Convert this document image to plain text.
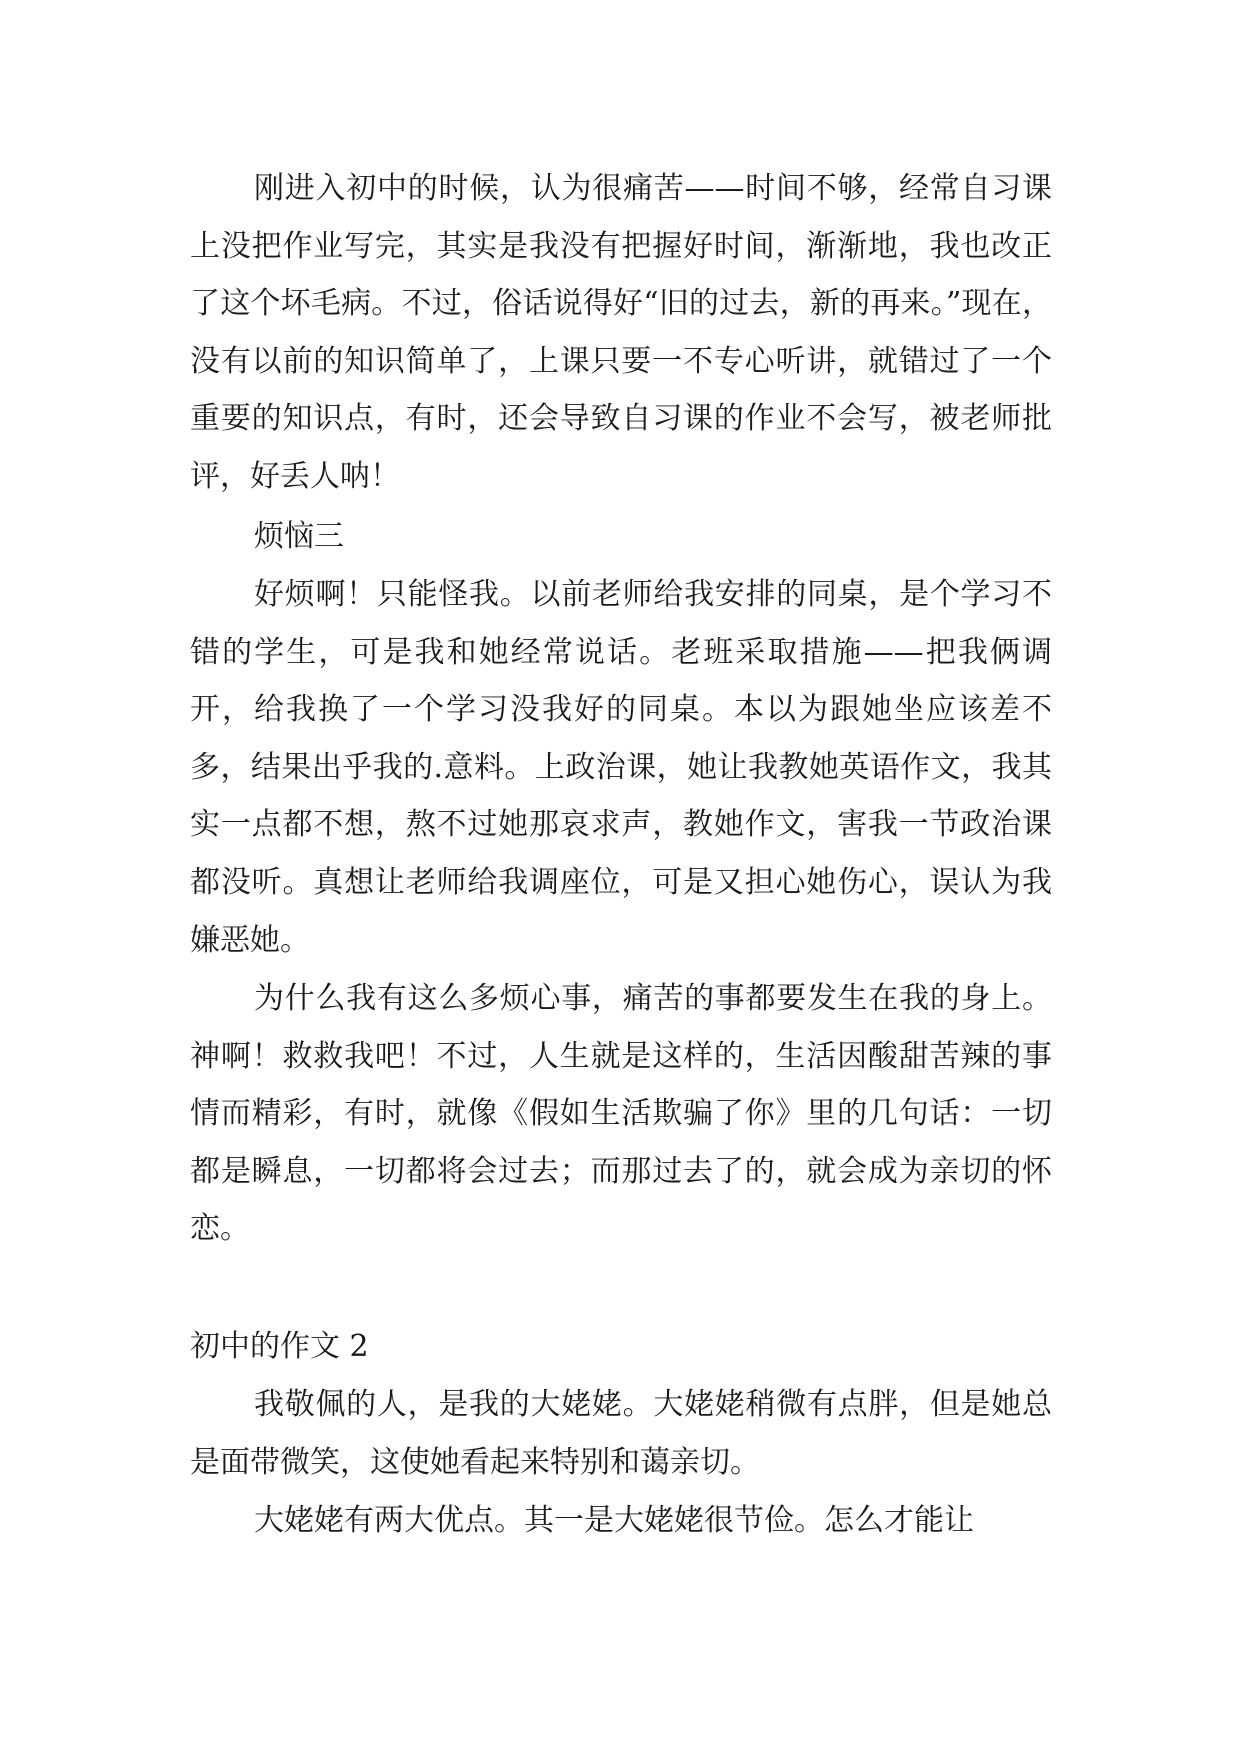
刚进入初中的时候，认为很痛苦——时间不够，经常自习课上没把作业写完，其实是我没有把握好时间，渐渐地，我也改正了这个坏毛病。不过，俗话说得好“旧的过去，新的再来。”现在，没有以前的知识简单了，上课只要一不专心听讲，就错过了一个重要的知识点，有时，还会导致自习课的作业不会写，被老师批评，好丢人呐！

烦恼三

好烦啊！只能怪我。以前老师给我安排的同桌，是个学习不错的学生，可是我和她经常说话。老班采取措施——把我俩调开，给我换了一个学习没我好的同桌。本以为跟她坐应该差不多，结果出乎我的.意料。上政治课，她让我教她英语作文，我其实一点都不想，熬不过她那哀求声，教她作文，害我一节政治课都没听。真想让老师给我调座位，可是又担心她伤心，误认为我嫌恶她。

为什么我有这么多烦心事，痛苦的事都要发生在我的身上。神啊！救救我吧！不过，人生就是这样的，生活因酸甜苦辣的事情而精彩，有时，就像《假如生活欺骗了你》里的几句话：一切都是瞬息，一切都将会过去；而那过去了的，就会成为亲切的怀恋。

初中的作文 2

我敬佩的人，是我的大姥姥。大姥姥稍微有点胖，但是她总是面带微笑，这使她看起来特别和蔼亲切。

大姥姥有两大优点。其一是大姥姥很节俭。怎么才能让
